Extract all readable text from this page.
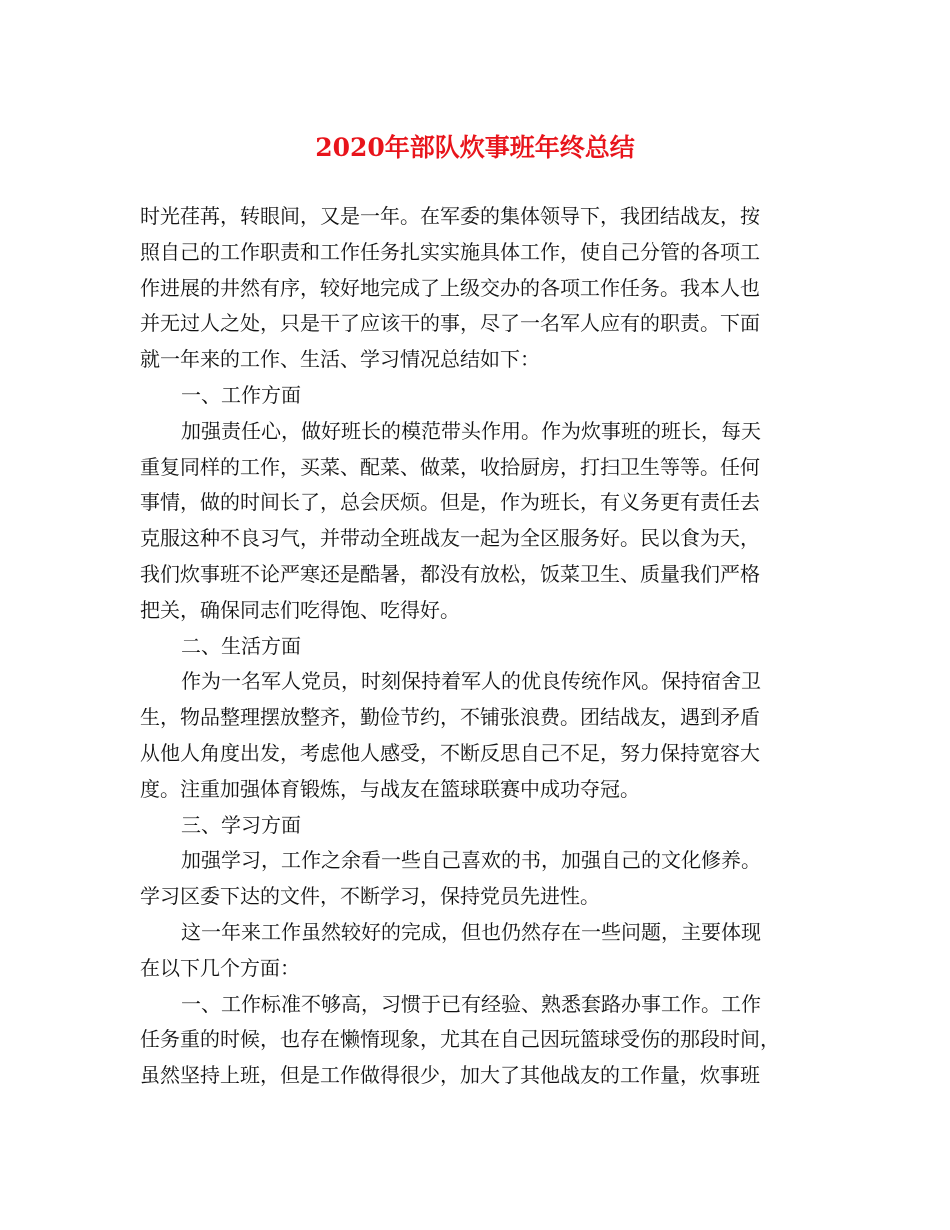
2020年部队炊事班年终总结
时光荏苒，转眼间，又是一年。在军委的集体领导下，我团结战友，按
照自己的工作职责和工作任务扎实实施具体工作，使自己分管的各项工
作进展的井然有序，较好地完成了上级交办的各项工作任务。我本人也
并无过人之处，只是干了应该干的事，尽了一名军人应有的职责。下面
就一年来的工作、生活、学习情况总结如下：
一、工作方面
加强责任心，做好班长的模范带头作用。作为炊事班的班长，每天
重复同样的工作，买菜、配菜、做菜，收拾厨房，打扫卫生等等。任何
事情，做的时间长了，总会厌烦。但是，作为班长，有义务更有责任去
克服这种不良习气，并带动全班战友一起为全区服务好。民以食为天，
我们炊事班不论严寒还是酷暑，都没有放松，饭菜卫生、质量我们严格
把关，确保同志们吃得饱、吃得好。
二、生活方面
作为一名军人党员，时刻保持着军人的优良传统作风。保持宿舍卫
生，物品整理摆放整齐，勤俭节约，不铺张浪费。团结战友，遇到矛盾
从他人角度出发，考虑他人感受，不断反思自己不足，努力保持宽容大
度。注重加强体育锻炼，与战友在篮球联赛中成功夺冠。
三、学习方面
加强学习，工作之余看一些自己喜欢的书，加强自己的文化修养。
学习区委下达的文件，不断学习，保持党员先进性。
这一年来工作虽然较好的完成，但也仍然存在一些问题，主要体现
在以下几个方面：
一、工作标准不够高，习惯于已有经验、熟悉套路办事工作。工作
任务重的时候，也存在懒惰现象，尤其在自己因玩篮球受伤的那段时间，
虽然坚持上班，但是工作做得很少，加大了其他战友的工作量，炊事班
